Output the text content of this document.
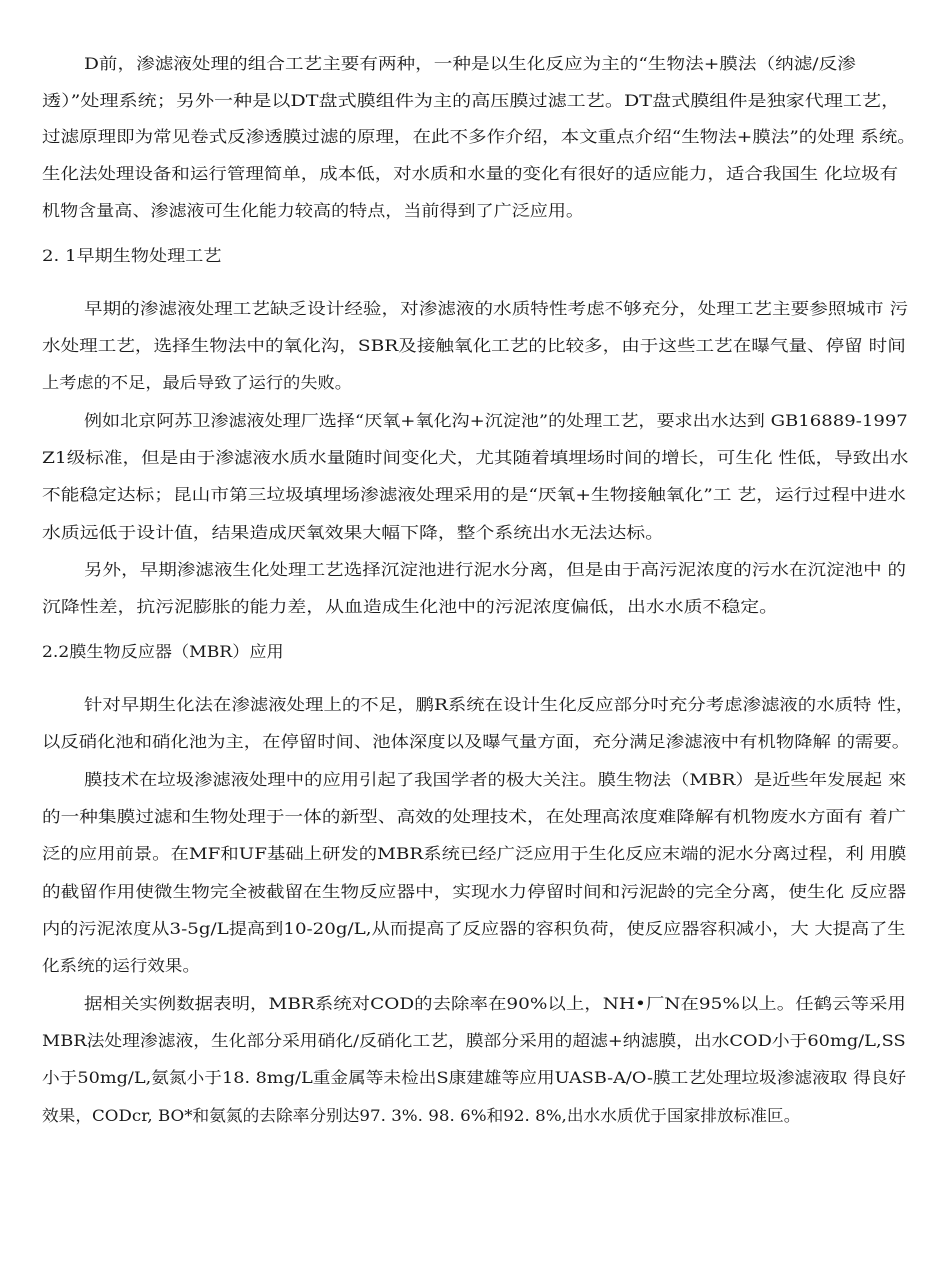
D前，渗滤液处理的组合工艺主要有两种，一种是以生化反应为主的“生物法+膜法（纳滤/反渗
透）”处理系统；另外一种是以DT盘式膜组件为主的高压膜过滤工艺。DT盘式膜组件是独家代理工艺，
过滤原理即为常见卷式反渗透膜过滤的原理，在此不多作介绍，本文重点介绍“生物法+膜法”的处理 系统。
生化法处理设备和运行管理简单，成本低，对水质和水量的变化有很好的适应能力，适合我国生 化垃圾有
机物含量高、渗滤液可生化能力较高的特点，当前得到了广泛应用。
2. 1早期生物处理工艺
早期的渗滤液处理工艺缺乏设计经验，对渗滤液的水质特性考虑不够充分，处理工艺主要参照城市 污
水处理工艺，选择生物法中的氧化沟，SBR及接触氧化工艺的比较多，由于这些工艺在曝气量、停留 时间
上考虑的不足，最后导致了运行的失败。
例如北京阿苏卫渗滤液处理厂选择“厌氧+氧化沟+沉淀池”的处理工艺，要求出水达到 GB16889-1997
Z1级标准，但是由于渗滤液水质水量随时间变化犬，尤其随着填埋场时间的增长，可生化 性低，导致出水
不能稳定达标；昆山市第三垃圾填埋场渗滤液处理采用的是“厌氧+生物接触氧化”工 艺，运行过程中进水
水质远低于设计值，结果造成厌氧效果大幅下降，整个系统出水无法达标。
另外，早期渗滤液生化处理工艺选择沉淀池进行泥水分离，但是由于高污泥浓度的污水在沉淀池中 的
沉降性差，抗污泥膨胀的能力差，从血造成生化池中的污泥浓度偏低，出水水质不稳定。
2.2膜生物反应器（MBR）应用
针对早期生化法在渗滤液处理上的不足，鹏R系统在设计生化反应部分吋充分考虑渗滤液的水质特 性，
以反硝化池和硝化池为主，在停留时间、池体深度以及曝气量方面，充分满足渗滤液中有机物降解 的需要。
膜技术在垃圾渗滤液处理中的应用引起了我国学者的极大关注。膜生物法（MBR）是近些年发展起 來
的一种集膜过滤和生物处理于一体的新型、高效的处理技术，在处理高浓度难降解有机物废水方面有 着广
泛的应用前景。在MF和UF基础上研发的MBR系统已经广泛应用于生化反应末端的泥水分离过程，利 用膜
的截留作用使微生物完全被截留在生物反应器中，实现水力停留时间和污泥龄的完全分离，使生化 反应器
内的污泥浓度从3-5g/L提高到10-20g/L,从而提高了反应器的容积负荷，使反应器容积减小，大 大提高了生
化系统的运行效果。
据相关实例数据表明，MBR系统对COD的去除率在90%以上，NH•厂N在95%以上。任鹤云等采用
MBR法处理渗滤液，生化部分采用硝化/反硝化工艺，膜部分采用的超滤+纳滤膜，出水COD小于60mg/L,SS
小于50mg/L,氨氮小于18. 8mg/L重金属等未检出S康建雄等应用UASB-A/O-膜工艺处理垃圾渗滤液取 得良好
效果，CODcr, BO*和氨氮的去除率分别达97. 3%. 98. 6%和92. 8%,出水水质优于国家排放标准叵。
